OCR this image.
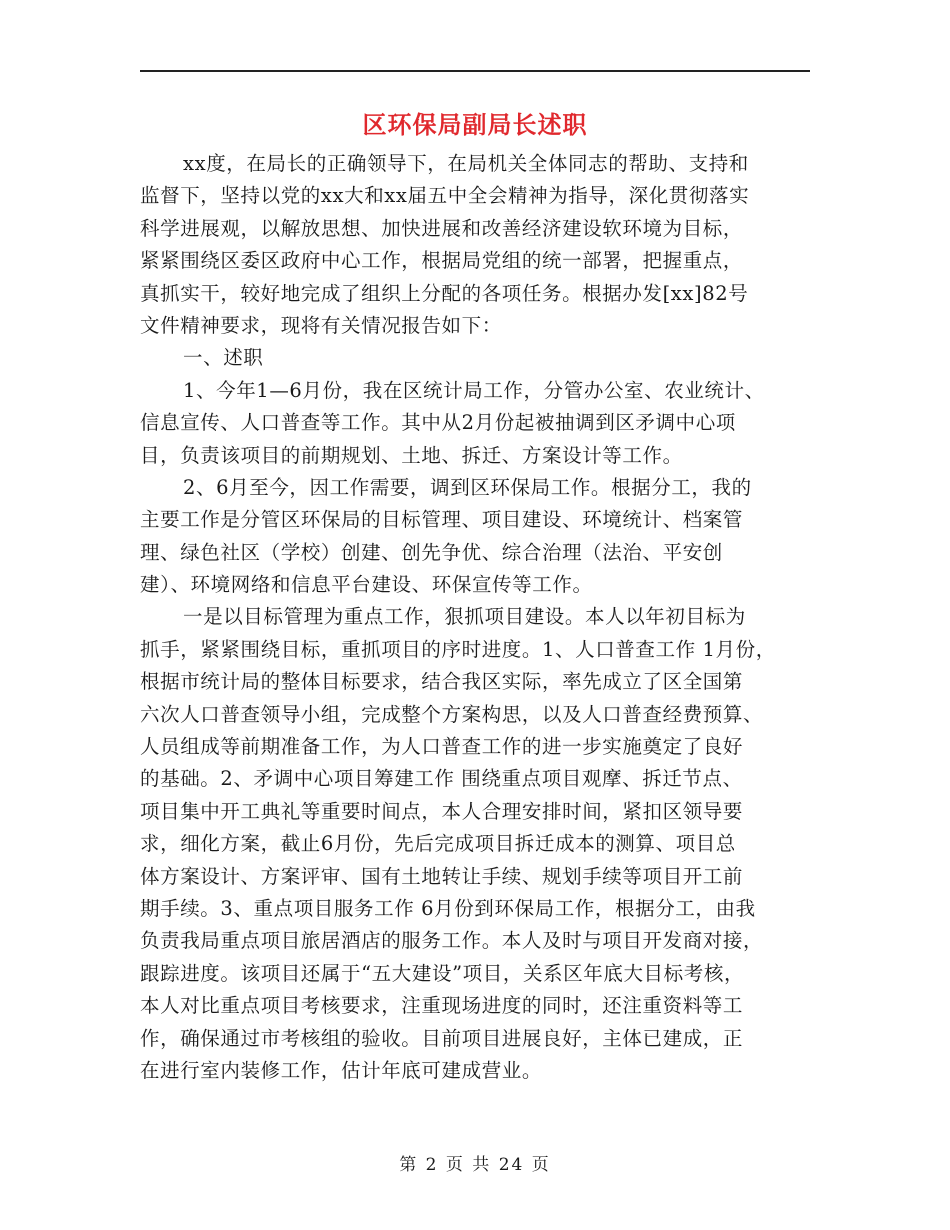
区环保局副局长述职
xx度，在局长的正确领导下，在局机关全体同志的帮助、支持和
监督下，坚持以党的xx大和xx届五中全会精神为指导，深化贯彻落实
科学进展观，以解放思想、加快进展和改善经济建设软环境为目标，
紧紧围绕区委区政府中心工作，根据局党组的统一部署，把握重点，
真抓实干，较好地完成了组织上分配的各项任务。根据办发[xx]82号
文件精神要求，现将有关情况报告如下：
一、述职
1、今年1—6月份，我在区统计局工作，分管办公室、农业统计、
信息宣传、人口普查等工作。其中从2月份起被抽调到区矛调中心项
目，负责该项目的前期规划、土地、拆迁、方案设计等工作。
2、6月至今，因工作需要，调到区环保局工作。根据分工，我的
主要工作是分管区环保局的目标管理、项目建设、环境统计、档案管
理、绿色社区（学校）创建、创先争优、综合治理（法治、平安创
建）、环境网络和信息平台建设、环保宣传等工作。
一是以目标管理为重点工作，狠抓项目建设。本人以年初目标为
抓手，紧紧围绕目标，重抓项目的序时进度。1、人口普查工作 1月份，
根据市统计局的整体目标要求，结合我区实际，率先成立了区全国第
六次人口普查领导小组，完成整个方案构思，以及人口普查经费预算、
人员组成等前期准备工作，为人口普查工作的进一步实施奠定了良好
的基础。2、矛调中心项目筹建工作 围绕重点项目观摩、拆迁节点、
项目集中开工典礼等重要时间点，本人合理安排时间，紧扣区领导要
求，细化方案，截止6月份，先后完成项目拆迁成本的测算、项目总
体方案设计、方案评审、国有土地转让手续、规划手续等项目开工前
期手续。3、重点项目服务工作 6月份到环保局工作，根据分工，由我
负责我局重点项目旅居酒店的服务工作。本人及时与项目开发商对接，
跟踪进度。该项目还属于“五大建设”项目，关系区年底大目标考核，
本人对比重点项目考核要求，注重现场进度的同时，还注重资料等工
作，确保通过市考核组的验收。目前项目进展良好，主体已建成，正
在进行室内装修工作，估计年底可建成营业。
第 2 页 共 24 页
